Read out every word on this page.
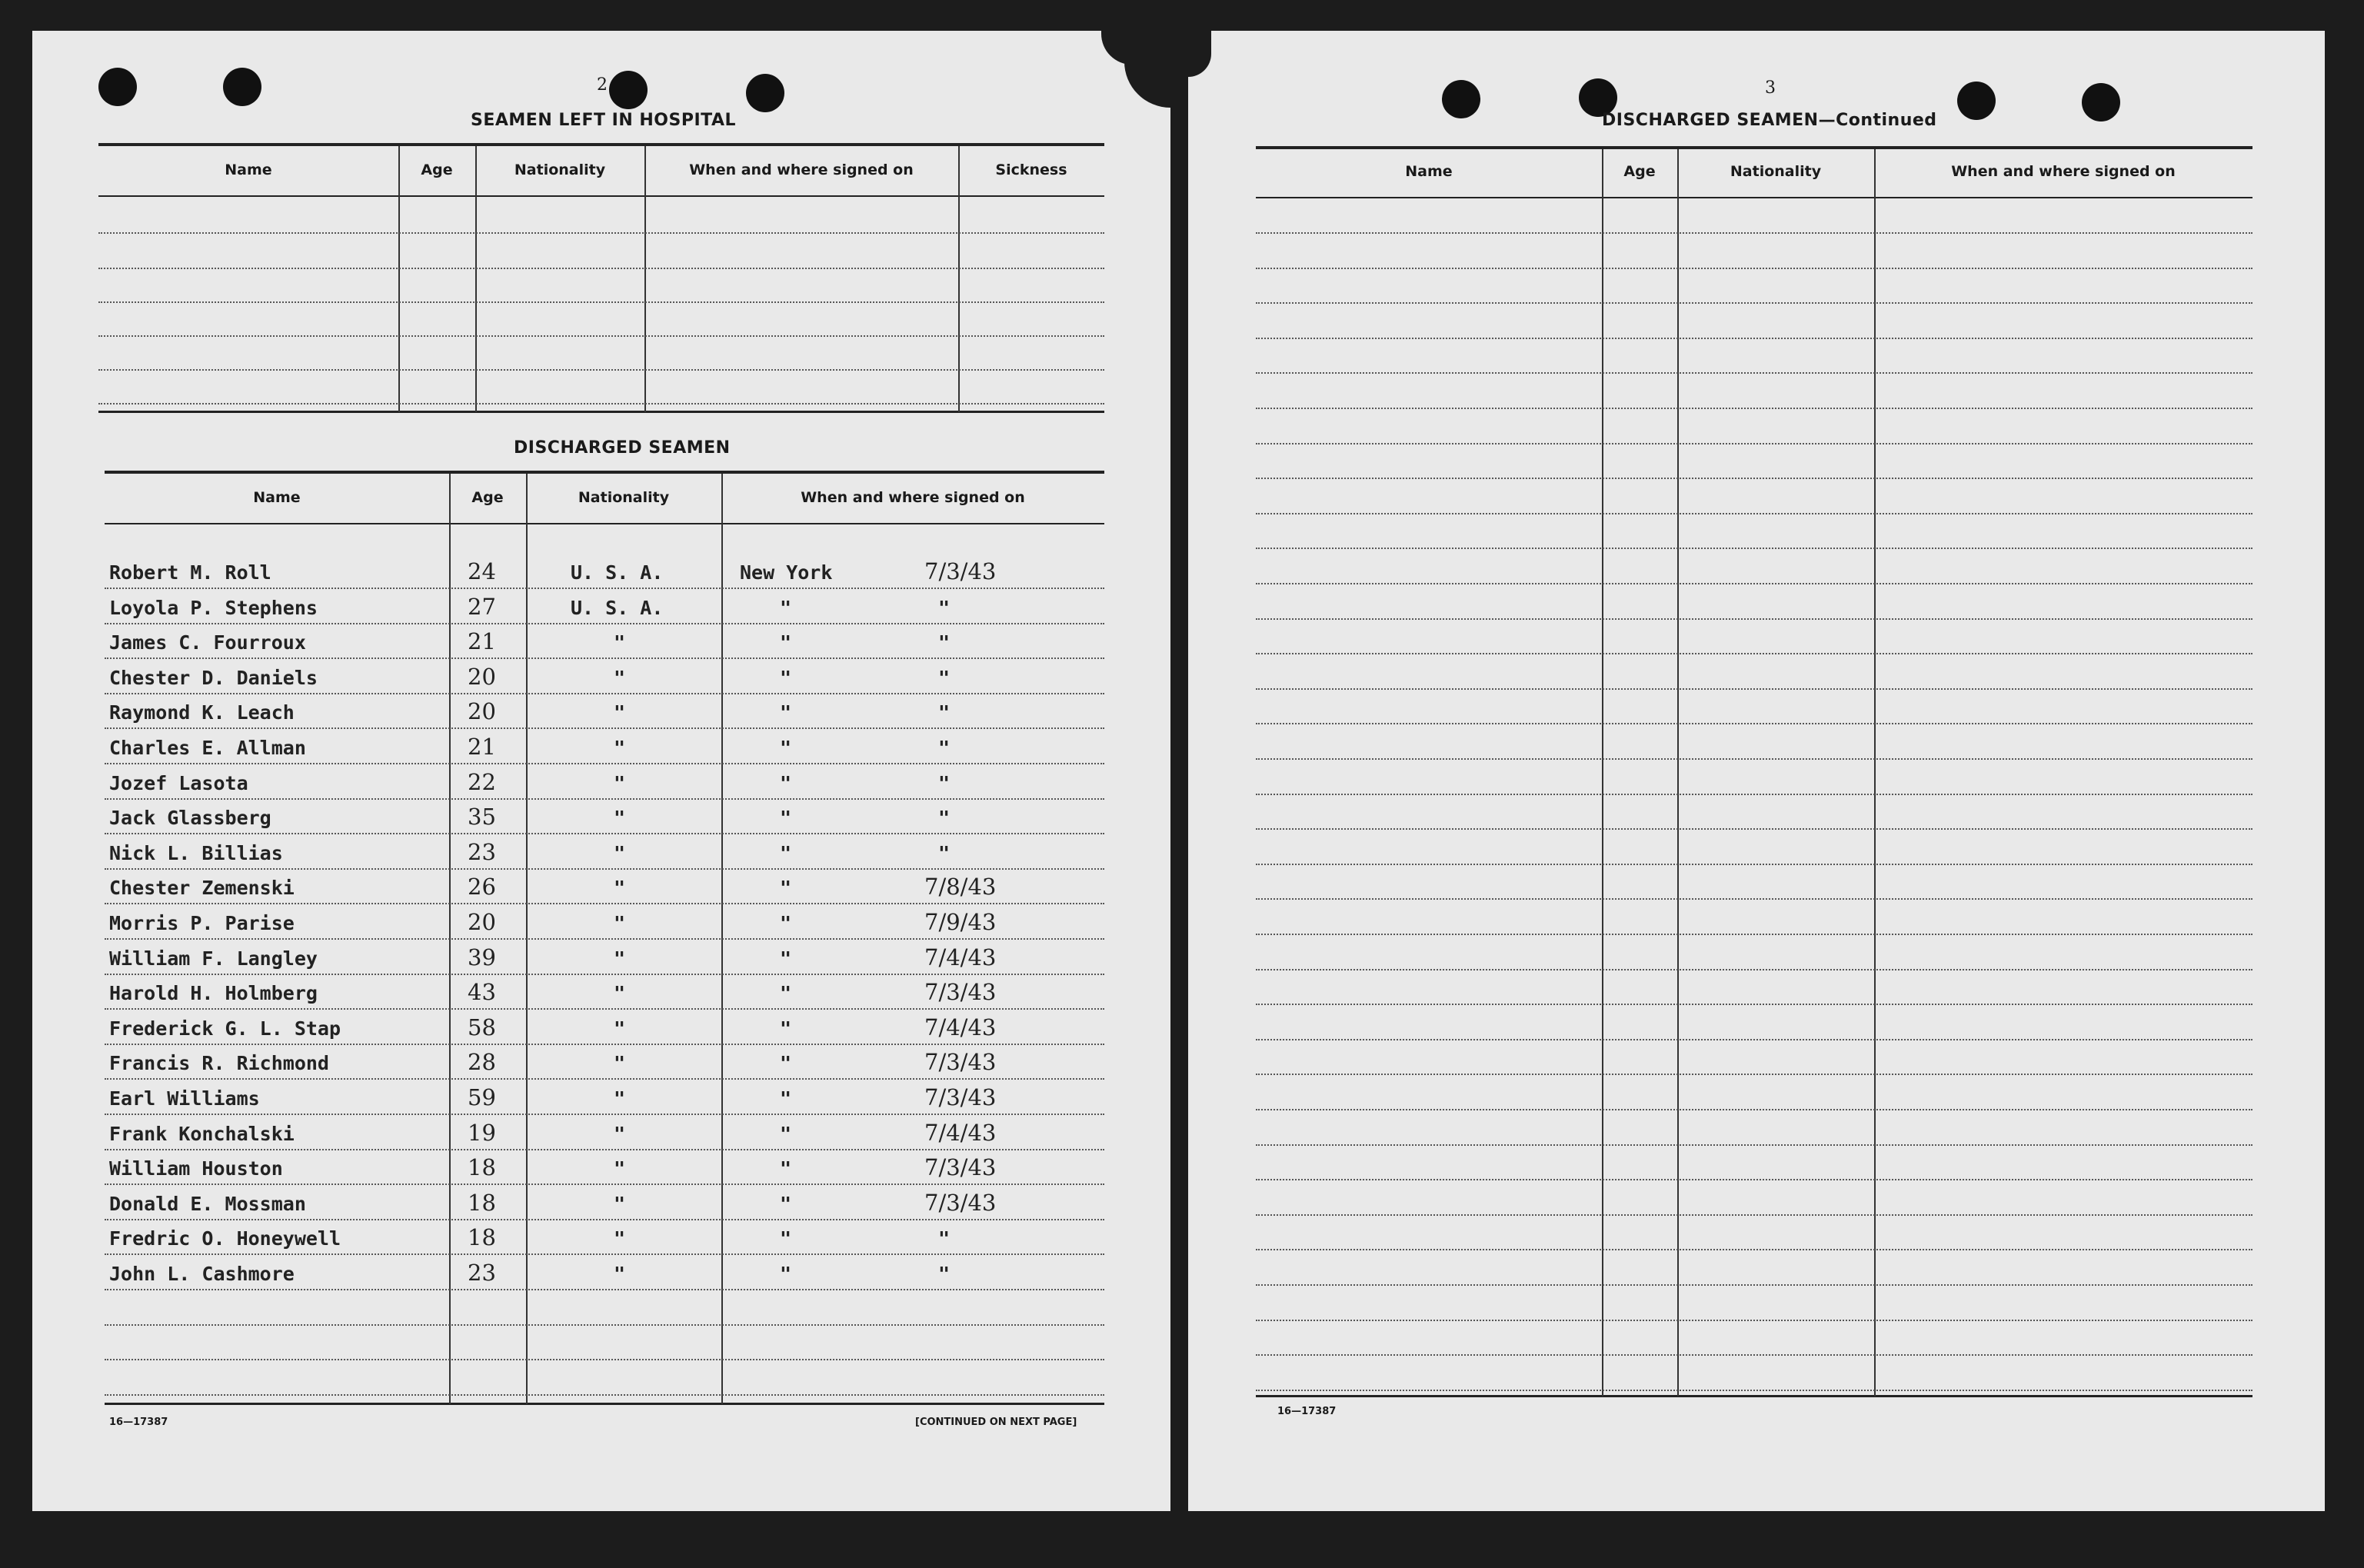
2
SEAMEN LEFT IN HOSPITAL
Name	Age	Nationality	When and where signed on	Sickness
DISCHARGED SEAMEN
Name	Age	Nationality	When and where signed on
Robert M. Roll	24	U. S. A.	New York	7/3/43
Loyola P. Stephens	27	U. S. A.	"	"
James C. Fourroux	21	"	"	"
Chester D. Daniels	20	"	"	"
Raymond K. Leach	20	"	"	"
Charles E. Allman	21	"	"	"
Jozef Lasota	22	"	"	"
Jack Glassberg	35	"	"	"
Nick L. Billias	23	"	"	"
Chester Zemenski	26	"	"	7/8/43
Morris P. Parise	20	"	"	7/9/43
William F. Langley	39	"	"	7/4/43
Harold H. Holmberg	43	"	"	7/3/43
Frederick G. L. Stap	58	"	"	7/4/43
Francis R. Richmond	28	"	"	7/3/43
Earl Williams	59	"	"	7/3/43
Frank Konchalski	19	"	"	7/4/43
William Houston	18	"	"	7/3/43
Donald E. Mossman	18	"	"	7/3/43
Fredric O. Honeywell	18	"	"	"
John L. Cashmore	23	"	"	"
16—17387	[CONTINUED ON NEXT PAGE]
3
DISCHARGED SEAMEN—Continued
Name	Age	Nationality	When and where signed on
16—17387
